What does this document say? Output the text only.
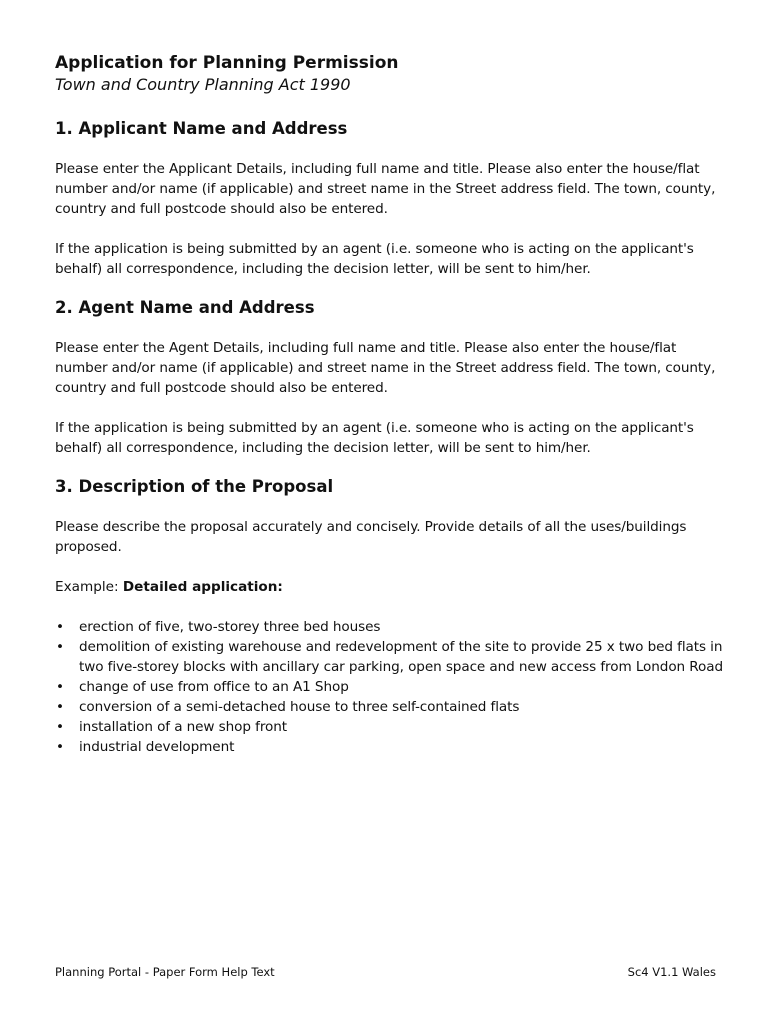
Application for Planning Permission
Town and Country Planning Act 1990
1. Applicant Name and Address

Please enter the Applicant Details, including full name and title. Please also enter the house/flat number and/or name (if applicable) and street name in the Street address field. The town, county, country and full postcode should also be entered.

If the application is being submitted by an agent (i.e. someone who is acting on the applicant's behalf) all correspondence, including the decision letter, will be sent to him/her.

2. Agent Name and Address

Please enter the Agent Details, including full name and title. Please also enter the house/flat number and/or name (if applicable) and street name in the Street address field. The town, county, country and full postcode should also be entered.

If the application is being submitted by an agent (i.e. someone who is acting on the applicant's behalf) all correspondence, including the decision letter, will be sent to him/her.

3. Description of the Proposal

Please describe the proposal accurately and concisely. Provide details of all the uses/buildings proposed.

Example: Detailed application:

• erection of five, two-storey three bed houses
• demolition of existing warehouse and redevelopment of the site to provide 25 x two bed flats in two five-storey blocks with ancillary car parking, open space and new access from London Road
• change of use from office to an A1 Shop
• conversion of a semi-detached house to three self-contained flats
• installation of a new shop front
• industrial development
Planning Portal - Paper Form Help Text	Sc4 V1.1 Wales
